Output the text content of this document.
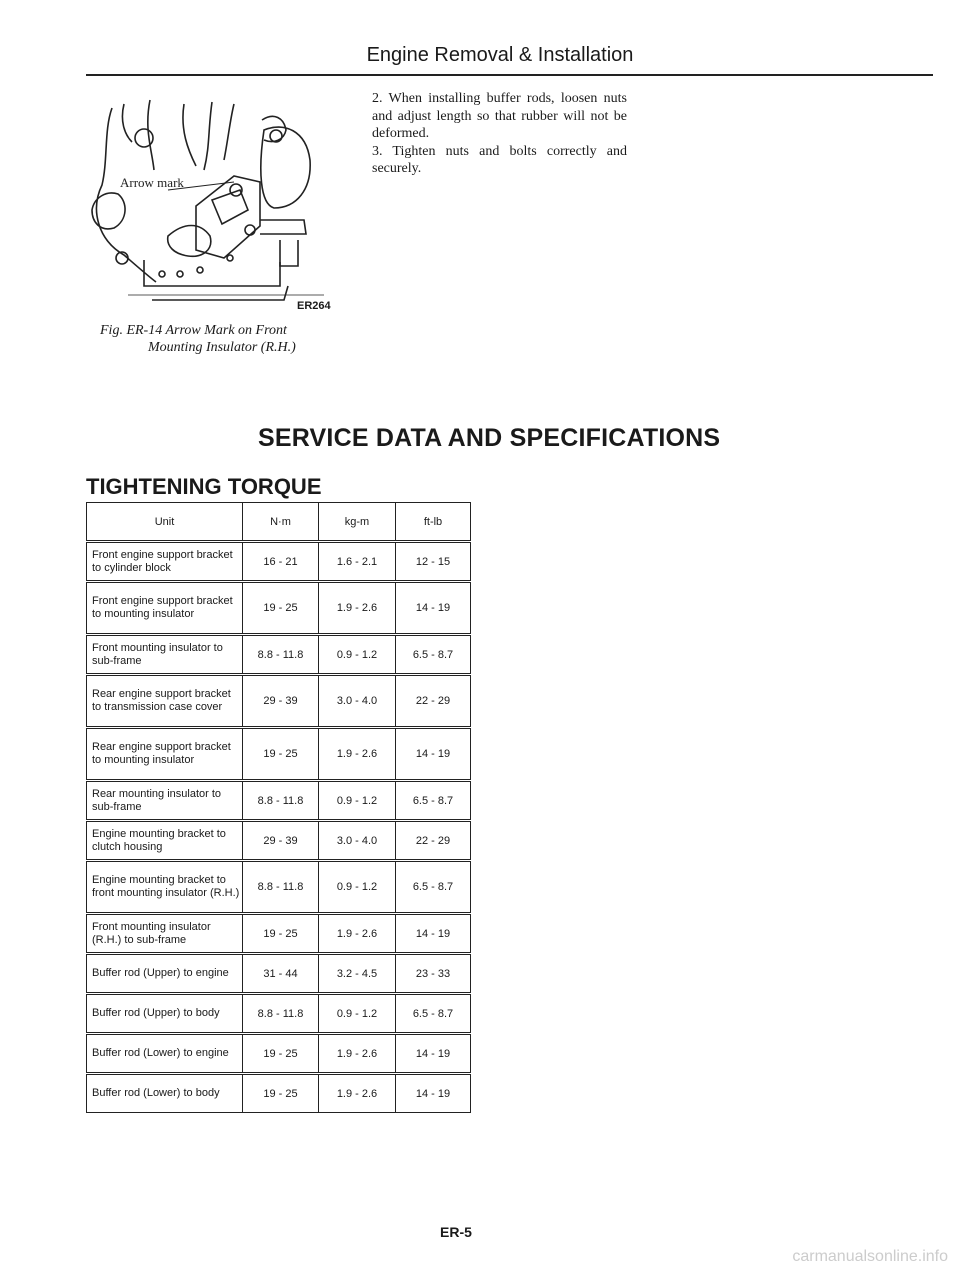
Engine Removal & Installation
Arrow mark
ER264
Fig. ER-14 Arrow Mark on Front
Mounting Insulator (R.H.)

2. When installing buffer rods, loosen nuts and adjust length so that rubber will not be deformed.

3. Tighten nuts and bolts correctly and securely.

SERVICE DATA AND SPECIFICATIONS
TIGHTENING TORQUE
Unit	N·m	kg-m	ft-lb
Front engine support bracket to cylinder block	16 - 21	1.6 - 2.1	12 - 15
Front engine support bracket to mounting insulator	19 - 25	1.9 - 2.6	14 - 19
Front mounting insulator to sub-frame	8.8 - 11.8	0.9 - 1.2	6.5 - 8.7
Rear engine support bracket to transmission case cover	29 - 39	3.0 - 4.0	22 - 29
Rear engine support bracket to mounting insulator	19 - 25	1.9 - 2.6	14 - 19
Rear mounting insulator to sub-frame	8.8 - 11.8	0.9 - 1.2	6.5 - 8.7
Engine mounting bracket to clutch housing	29 - 39	3.0 - 4.0	22 - 29
Engine mounting bracket to front mounting insulator (R.H.)	8.8 - 11.8	0.9 - 1.2	6.5 - 8.7
Front mounting insulator (R.H.) to sub-frame	19 - 25	1.9 - 2.6	14 - 19
Buffer rod (Upper) to engine	31 - 44	3.2 - 4.5	23 - 33
Buffer rod (Upper) to body	8.8 - 11.8	0.9 - 1.2	6.5 - 8.7
Buffer rod (Lower) to engine	19 - 25	1.9 - 2.6	14 - 19
Buffer rod (Lower) to body	19 - 25	1.9 - 2.6	14 - 19
ER-5
carmanualsonline.info
